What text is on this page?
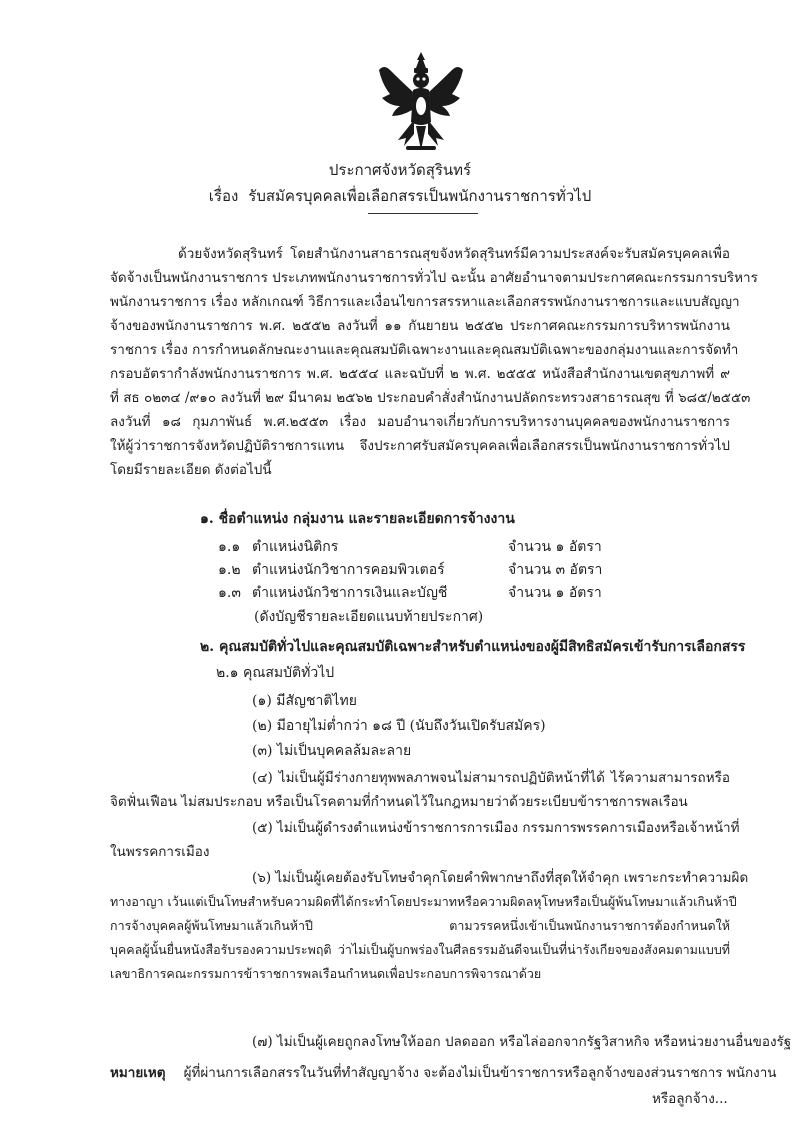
ประกาศจังหวัดสุรินทร์
เรื่อง รับสมัครบุคคลเพื่อเลือกสรรเป็นพนักงานราชการทั่วไป
ด้วยจังหวัดสุรินทร์ โดยสำนักงานสาธารณสุขจังหวัดสุรินทร์มีความประสงค์จะรับสมัครบุคคลเพื่อ
จัดจ้างเป็นพนักงานราชการ ประเภทพนักงานราชการทั่วไป ฉะนั้น อาศัยอำนาจตามประกาศคณะกรรมการบริหาร
พนักงานราชการ เรื่อง หลักเกณฑ์ วิธีการและเงื่อนไขการสรรหาและเลือกสรรพนักงานราชการและแบบสัญญา
จ้างของพนักงานราชการ พ.ศ. ๒๕๕๒ ลงวันที่ ๑๑ กันยายน ๒๕๕๒ ประกาศคณะกรรมการบริหารพนักงาน
ราชการ เรื่อง การกำหนดลักษณะงานและคุณสมบัติเฉพาะงานและคุณสมบัติเฉพาะของกลุ่มงานและการจัดทำ
กรอบอัตรากำลังพนักงานราชการ พ.ศ. ๒๕๕๔ และฉบับที่ ๒ พ.ศ. ๒๕๕๕ หนังสือสำนักงานเขตสุขภาพที่ ๙
ที่ สธ ๐๒๓๔ /๙๑๐ ลงวันที่ ๒๙ มีนาคม ๒๕๖๒ ประกอบคำสั่งสำนักงานปลัดกระทรวงสาธารณสุข ที่ ๖๘๕/๒๕๕๓
ลงวันที่ ๑๘ กุมภาพันธ์ พ.ศ.๒๕๕๓ เรื่อง มอบอำนาจเกี่ยวกับการบริหารงานบุคคลของพนักงานราชการ
ให้ผู้ว่าราชการจังหวัดปฏิบัติราชการแทน จึงประกาศรับสมัครบุคคลเพื่อเลือกสรรเป็นพนักงานราชการทั่วไป
โดยมีรายละเอียด ดังต่อไปนี้
๑. ชื่อตำแหน่ง กลุ่มงาน และรายละเอียดการจ้างงาน
๑.๑ ตำแหน่งนิติกร	จำนวน ๑ อัตรา
๑.๒ ตำแหน่งนักวิชาการคอมพิวเตอร์	จำนวน ๓ อัตรา
๑.๓ ตำแหน่งนักวิชาการเงินและบัญชี	จำนวน ๑ อัตรา
(ดังบัญชีรายละเอียดแนบท้ายประกาศ)
๒. คุณสมบัติทั่วไปและคุณสมบัติเฉพาะสำหรับตำแหน่งของผู้มีสิทธิสมัครเข้ารับการเลือกสรร
๒.๑ คุณสมบัติทั่วไป
(๑) มีสัญชาติไทย
(๒) มีอายุไม่ต่ำกว่า ๑๘ ปี (นับถึงวันเปิดรับสมัคร)
(๓) ไม่เป็นบุคคลล้มละลาย
(๔) ไม่เป็นผู้มีร่างกายทุพพลภาพจนไม่สามารถปฏิบัติหน้าที่ได้ ไร้ความสามารถหรือ
จิตฟั่นเฟือน ไม่สมประกอบ หรือเป็นโรคตามที่กำหนดไว้ในกฎหมายว่าด้วยระเบียบข้าราชการพลเรือน
(๕) ไม่เป็นผู้ดำรงตำแหน่งข้าราชการการเมือง กรรมการพรรคการเมืองหรือเจ้าหน้าที่
ในพรรคการเมือง
(๖) ไม่เป็นผู้เคยต้องรับโทษจำคุกโดยคำพิพากษาถึงที่สุดให้จำคุก เพราะกระทำความผิด
ทางอาญา เว้นแต่เป็นโทษสำหรับความผิดที่ได้กระทำโดยประมาทหรือความผิดลหุโทษหรือเป็นผู้พ้นโทษมาแล้วเกินห้าปี
การจ้างบุคคลผู้พ้นโทษมาแล้วเกินห้าปี ตามวรรคหนึ่งเข้าเป็นพนักงานราชการต้องกำหนดให้
บุคคลผู้นั้นยื่นหนังสือรับรองความประพฤติ ว่าไม่เป็นผู้บกพร่องในศีลธรรมอันดีจนเป็นที่น่ารังเกียจของสังคมตามแบบที่
เลขาธิการคณะกรรมการข้าราชการพลเรือนกำหนดเพื่อประกอบการพิจารณาด้วย
(๗) ไม่เป็นผู้เคยถูกลงโทษให้ออก ปลดออก หรือไล่ออกจากรัฐวิสาหกิจ หรือหน่วยงานอื่นของรัฐ
หมายเหตุ ผู้ที่ผ่านการเลือกสรรในวันที่ทำสัญญาจ้าง จะต้องไม่เป็นข้าราชการหรือลูกจ้างของส่วนราชการ พนักงาน
หรือลูกจ้าง...
